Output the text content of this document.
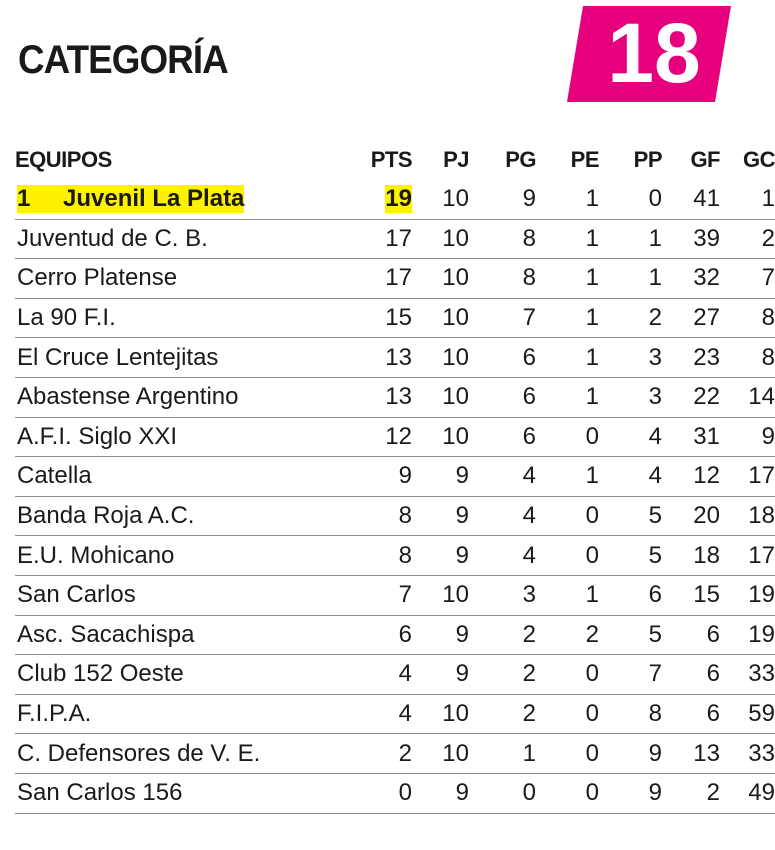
CATEGORÍA	18
EQUIPOS	PTS	PJ	PG	PE	PP	GF	GC
1 Juvenil La Plata	19	10	9	1	0	41	1
Juventud de C. B.	17	10	8	1	1	39	2
Cerro Platense	17	10	8	1	1	32	7
La 90 F.I.	15	10	7	1	2	27	8
El Cruce Lentejitas	13	10	6	1	3	23	8
Abastense Argentino	13	10	6	1	3	22	14
A.F.I. Siglo XXI	12	10	6	0	4	31	9
Catella	9	9	4	1	4	12	17
Banda Roja A.C.	8	9	4	0	5	20	18
E.U. Mohicano	8	9	4	0	5	18	17
San Carlos	7	10	3	1	6	15	19
Asc. Sacachispa	6	9	2	2	5	6	19
Club 152 Oeste	4	9	2	0	7	6	33
F.I.P.A.	4	10	2	0	8	6	59
C. Defensores de V. E.	2	10	1	0	9	13	33
San Carlos 156	0	9	0	0	9	2	49
